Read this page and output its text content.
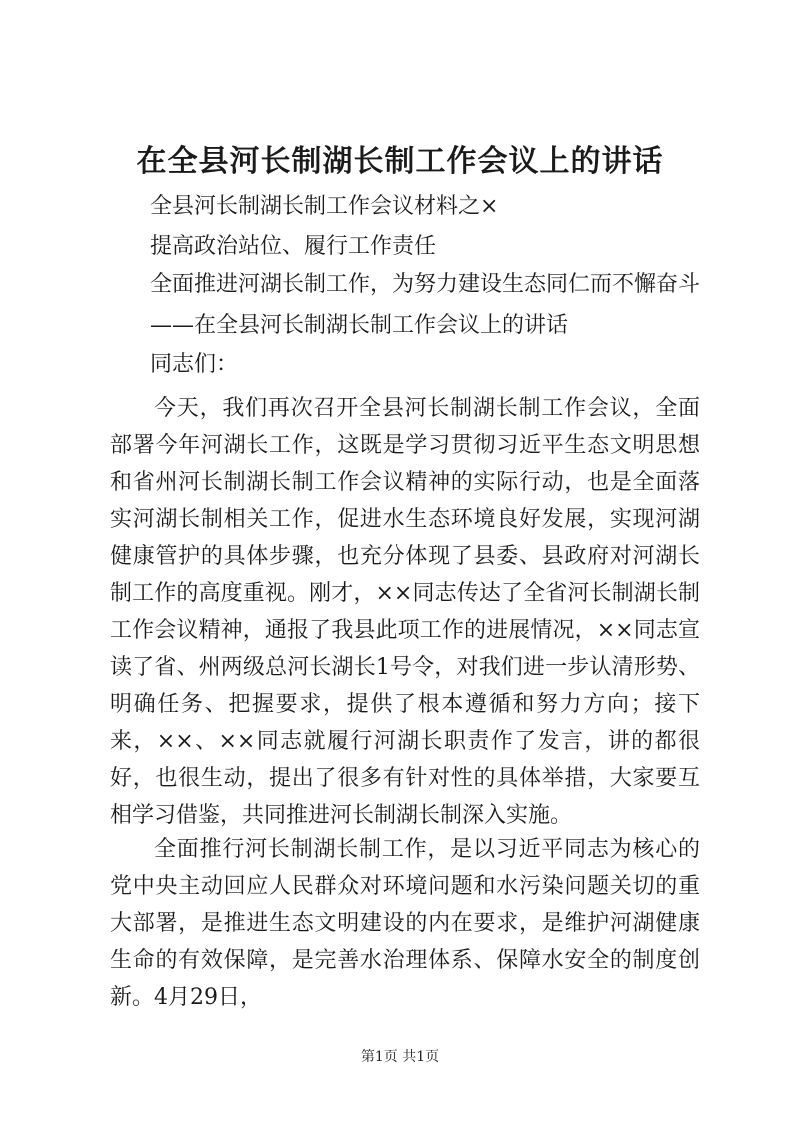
在全县河长制湖长制工作会议上的讲话

全县河长制湖长制工作会议材料之×

提高政治站位、履行工作责任

全面推进河湖长制工作，为努力建设生态同仁而不懈奋斗

——在全县河长制湖长制工作会议上的讲话

同志们：

今天，我们再次召开全县河长制湖长制工作会议，全面部署今年河湖长工作，这既是学习贯彻习近平生态文明思想和省州河长制湖长制工作会议精神的实际行动，也是全面落实河湖长制相关工作，促进水生态环境良好发展，实现河湖健康管护的具体步骤，也充分体现了县委、县政府对河湖长制工作的高度重视。刚才，××同志传达了全省河长制湖长制工作会议精神，通报了我县此项工作的进展情况，××同志宣读了省、州两级总河长湖长1号令，对我们进一步认清形势、明确任务、把握要求，提供了根本遵循和努力方向；接下来，××、××同志就履行河湖长职责作了发言，讲的都很好，也很生动，提出了很多有针对性的具体举措，大家要互相学习借鉴，共同推进河长制湖长制深入实施。

全面推行河长制湖长制工作，是以习近平同志为核心的党中央主动回应人民群众对环境问题和水污染问题关切的重大部署，是推进生态文明建设的内在要求，是维护河湖健康生命的有效保障，是完善水治理体系、保障水安全的制度创新。4月29日，

第1页 共1页
